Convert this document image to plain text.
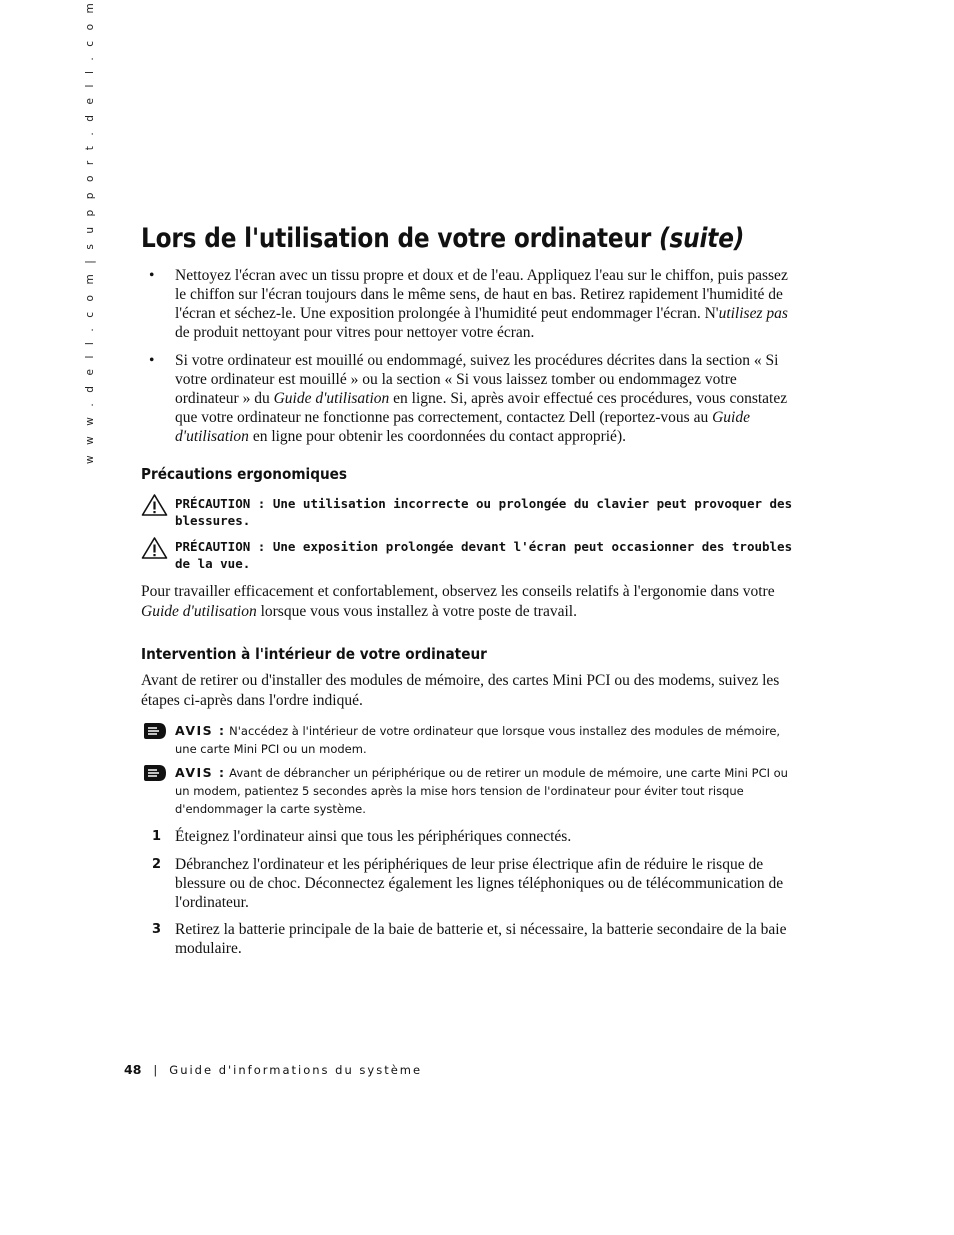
w w w . d e l l . c o m | s u p p o r t . d e l l . c o m Lors de l'utilisation de votre ordinateur (suite)
• Nettoyez l'écran avec un tissu propre et doux et de l'eau. Appliquez l'eau sur le chiffon, puis passez le chiffon sur l'écran toujours dans le même sens, de haut en bas. Retirez rapidement l'humidité de l'écran et séchez-le. Une exposition prolongée à l'humidité peut endommager l'écran. N'utilisez pas de produit nettoyant pour vitres pour nettoyer votre écran.
• Si votre ordinateur est mouillé ou endommagé, suivez les procédures décrites dans la section « Si votre ordinateur est mouillé » ou la section « Si vous laissez tomber ou endommagez votre ordinateur » du Guide d'utilisation en ligne. Si, après avoir effectué ces procédures, vous constatez que votre ordinateur ne fonctionne pas correctement, contactez Dell (reportez-vous au Guide d'utilisation en ligne pour obtenir les coordonnées du contact approprié).
Précautions ergonomiques
PRÉCAUTION : Une utilisation incorrecte ou prolongée du clavier peut provoquer des blessures.
PRÉCAUTION : Une exposition prolongée devant l'écran peut occasionner des troubles de la vue.

Pour travailler efficacement et confortablement, observez les conseils relatifs à l'ergonomie dans votre Guide d'utilisation lorsque vous vous installez à votre poste de travail.

Intervention à l'intérieur de votre ordinateur

Avant de retirer ou d'installer des modules de mémoire, des cartes Mini PCI ou des modems, suivez les étapes ci-après dans l'ordre indiqué.

AVIS : N'accédez à l'intérieur de votre ordinateur que lorsque vous installez des modules de mémoire, une carte Mini PCI ou un modem.
AVIS : Avant de débrancher un périphérique ou de retirer un module de mémoire, une carte Mini PCI ou un modem, patientez 5 secondes après la mise hors tension de l'ordinateur pour éviter tout risque d'endommager la carte système.
1 Éteignez l'ordinateur ainsi que tous les périphériques connectés.
2 Débranchez l'ordinateur et les périphériques de leur prise électrique afin de réduire le risque de blessure ou de choc. Déconnectez également les lignes téléphoniques ou de télécommunication de l'ordinateur.
3 Retirez la batterie principale de la baie de batterie et, si nécessaire, la batterie secondaire de la baie modulaire.
48 | Guide d'informations du système
